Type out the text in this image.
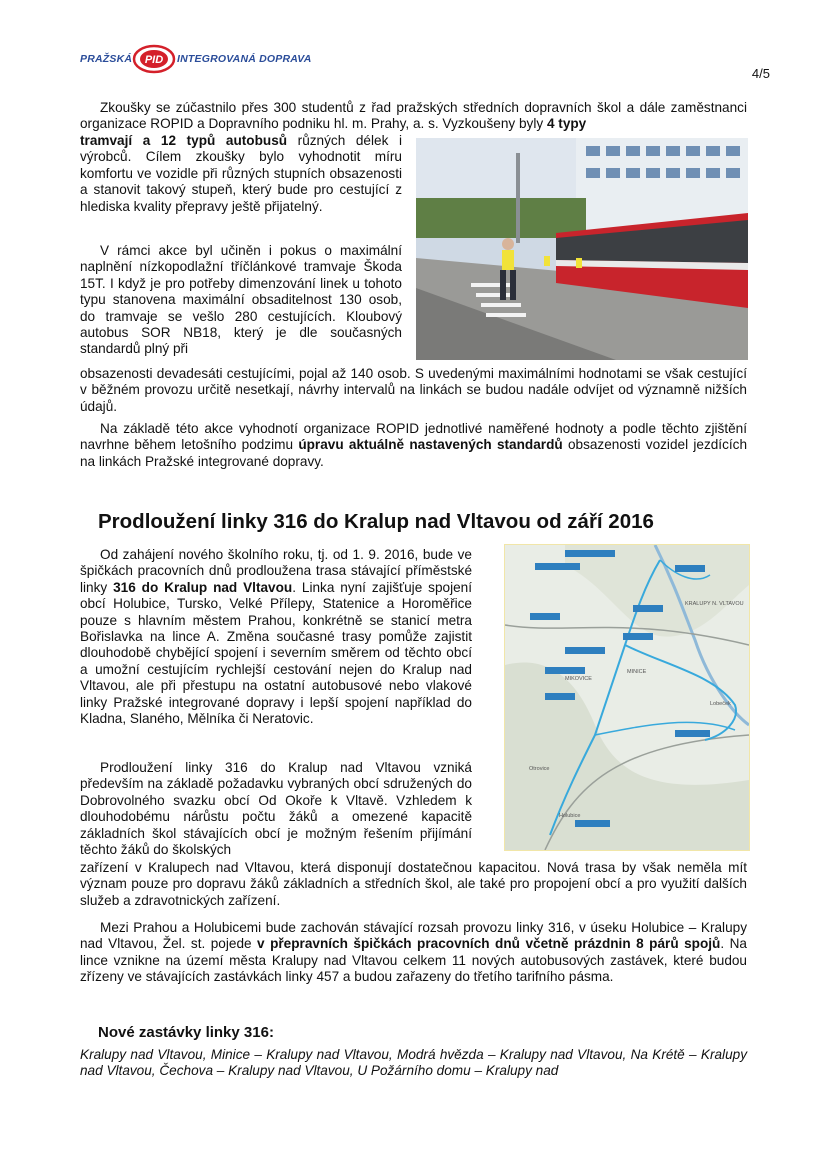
PRAŽSKÁ PID INTEGROVANÁ DOPRAVA
4/5

Zkoušky se zúčastnilo přes 300 studentů z řad pražských středních dopravních škol a dále zaměstnanci organizace ROPID a Dopravního podniku hl. m. Prahy, a. s. Vyzkoušeny byly 4 typy

tramvají a 12 typů autobusů různých délek i výrobců. Cílem zkoušky bylo vyhodnotit míru komfortu ve vozidle při různých stupních obsazenosti a stanovit takový stupeň, který bude pro cestující z hlediska kvality přepravy ještě přijatelný.

V rámci akce byl učiněn i pokus o maximální naplnění nízkopodlažní tříčlánkové tramvaje Škoda 15T. I když je pro potřeby dimenzování linek u tohoto typu stanovena maximální obsaditelnost 130 osob, do tramvaje se vešlo 280 cestujících. Kloubový autobus SOR NB18, který je dle současných standardů plný při

obsazenosti devadesáti cestujícími, pojal až 140 osob. S uvedenými maximálními hodnotami se však cestující v běžném provozu určitě nesetkají, návrhy intervalů na linkách se budou nadále odvíjet od významně nižších údajů.

Na základě této akce vyhodnotí organizace ROPID jednotlivé naměřené hodnoty a podle těchto zjištění navrhne během letošního podzimu úpravu aktuálně nastavených standardů obsazenosti vozidel jezdících na linkách Pražské integrované dopravy.

Prodloužení linky 316 do Kralup nad Vltavou od září 2016

Od zahájení nového školního roku, tj. od 1. 9. 2016, bude ve špičkách pracovních dnů prodloužena trasa stávající příměstské linky 316 do Kralup nad Vltavou. Linka nyní zajišťuje spojení obcí Holubice, Tursko, Velké Přílepy, Statenice a Horoměřice pouze s hlavním městem Prahou, konkrétně se stanicí metra Bořislavka na lince A. Změna současné trasy pomůže zajistit dlouhodobě chybějící spojení i severním směrem od těchto obcí a umožní cestujícím rychlejší cestování nejen do Kralup nad Vltavou, ale při přestupu na ostatní autobusové nebo vlakové linky Pražské integrované dopravy i lepší spojení například do Kladna, Slaného, Mělníka či Neratovic.

Prodloužení linky 316 do Kralup nad Vltavou vzniká především na základě požadavku vybraných obcí sdružených do Dobrovolného svazku obcí Od Okoře k Vltavě. Vzhledem k dlouhodobému nárůstu počtu žáků a omezené kapacitě základních škol stávajících obcí je možným řešením přijímání těchto žáků do školských

zařízení v Kralupech nad Vltavou, která disponují dostatečnou kapacitou. Nová trasa by však neměla mít význam pouze pro dopravu žáků základních a středních škol, ale také pro propojení obcí a pro využití dalších služeb a zdravotnických zařízení.

Mezi Prahou a Holubicemi bude zachován stávající rozsah provozu linky 316, v úseku Holubice – Kralupy nad Vltavou, Žel. st. pojede v přepravních špičkách pracovních dnů včetně prázdnin 8 párů spojů. Na lince vznikne na území města Kralupy nad Vltavou celkem 11 nových autobusových zastávek, které budou zřízeny ve stávajících zastávkách linky 457 a budou zařazeny do třetího tarifního pásma.

Nové zastávky linky 316:

Kralupy nad Vltavou, Minice – Kralupy nad Vltavou, Modrá hvězda – Kralupy nad Vltavou, Na Krétě – Kralupy nad Vltavou, Čechova – Kralupy nad Vltavou, U Požárního domu – Kralupy nad

KRALUPY N. VLTAVOU
MIKOVICE
MINICE
Otrovice
Holubice
Lobeček
